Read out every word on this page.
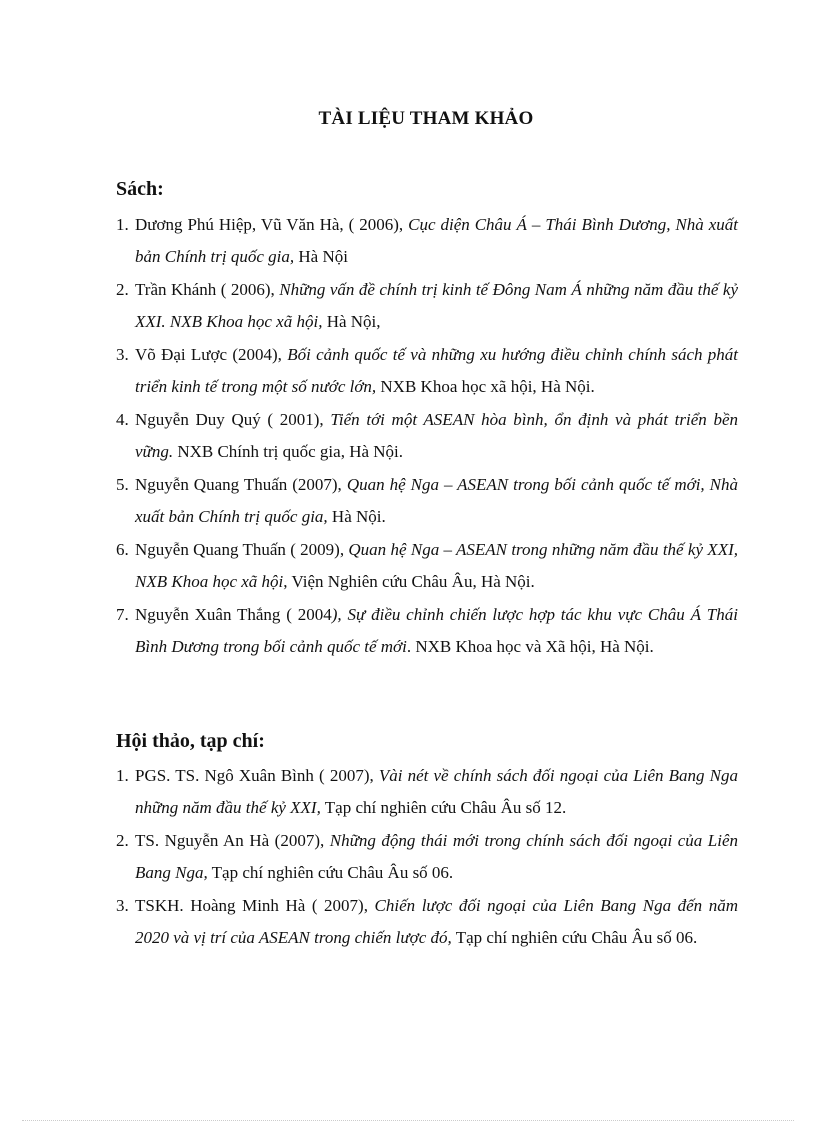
TÀI LIỆU THAM KHẢO
Sách:
1. Dương Phú Hiệp, Vũ Văn Hà, ( 2006), Cục diện Châu Á – Thái Bình Dương, Nhà xuất bản Chính trị quốc gia, Hà Nội
2. Trần Khánh ( 2006), Những vấn đề chính trị kinh tế Đông Nam Á những năm đầu thế kỷ XXI. NXB Khoa học xã hội, Hà Nội,
3. Võ Đại Lược (2004), Bối cảnh quốc tế và những xu hướng điều chỉnh chính sách phát triển kinh tế trong một số nước lớn, NXB Khoa học xã hội, Hà Nội.
4. Nguyễn Duy Quý ( 2001), Tiến tới một ASEAN hòa bình, ổn định và phát triển bền vững. NXB Chính trị quốc gia, Hà Nội.
5. Nguyễn Quang Thuấn (2007), Quan hệ Nga – ASEAN trong bối cảnh quốc tế mới, Nhà xuất bản Chính trị quốc gia, Hà Nội.
6. Nguyễn Quang Thuấn ( 2009), Quan hệ Nga – ASEAN trong những năm đầu thế kỷ XXI, NXB Khoa học xã hội, Viện Nghiên cứu Châu Âu, Hà Nội.
7. Nguyễn Xuân Thắng ( 2004), Sự điều chỉnh chiến lược hợp tác khu vực Châu Á Thái Bình Dương trong bối cảnh quốc tế mới. NXB Khoa học và Xã hội, Hà Nội.
Hội thảo, tạp chí:
1. PGS. TS. Ngô Xuân Bình ( 2007), Vài nét về chính sách đối ngoại của Liên Bang Nga những năm đầu thế kỷ XXI, Tạp chí nghiên cứu Châu Âu số 12.
2. TS. Nguyễn An Hà (2007), Những động thái mới trong chính sách đối ngoại của Liên Bang Nga, Tạp chí nghiên cứu Châu Âu số 06.
3. TSKH. Hoàng Minh Hà ( 2007), Chiến lược đối ngoại của Liên Bang Nga đến năm 2020 và vị trí của ASEAN trong chiến lược đó, Tạp chí nghiên cứu Châu Âu số 06.
